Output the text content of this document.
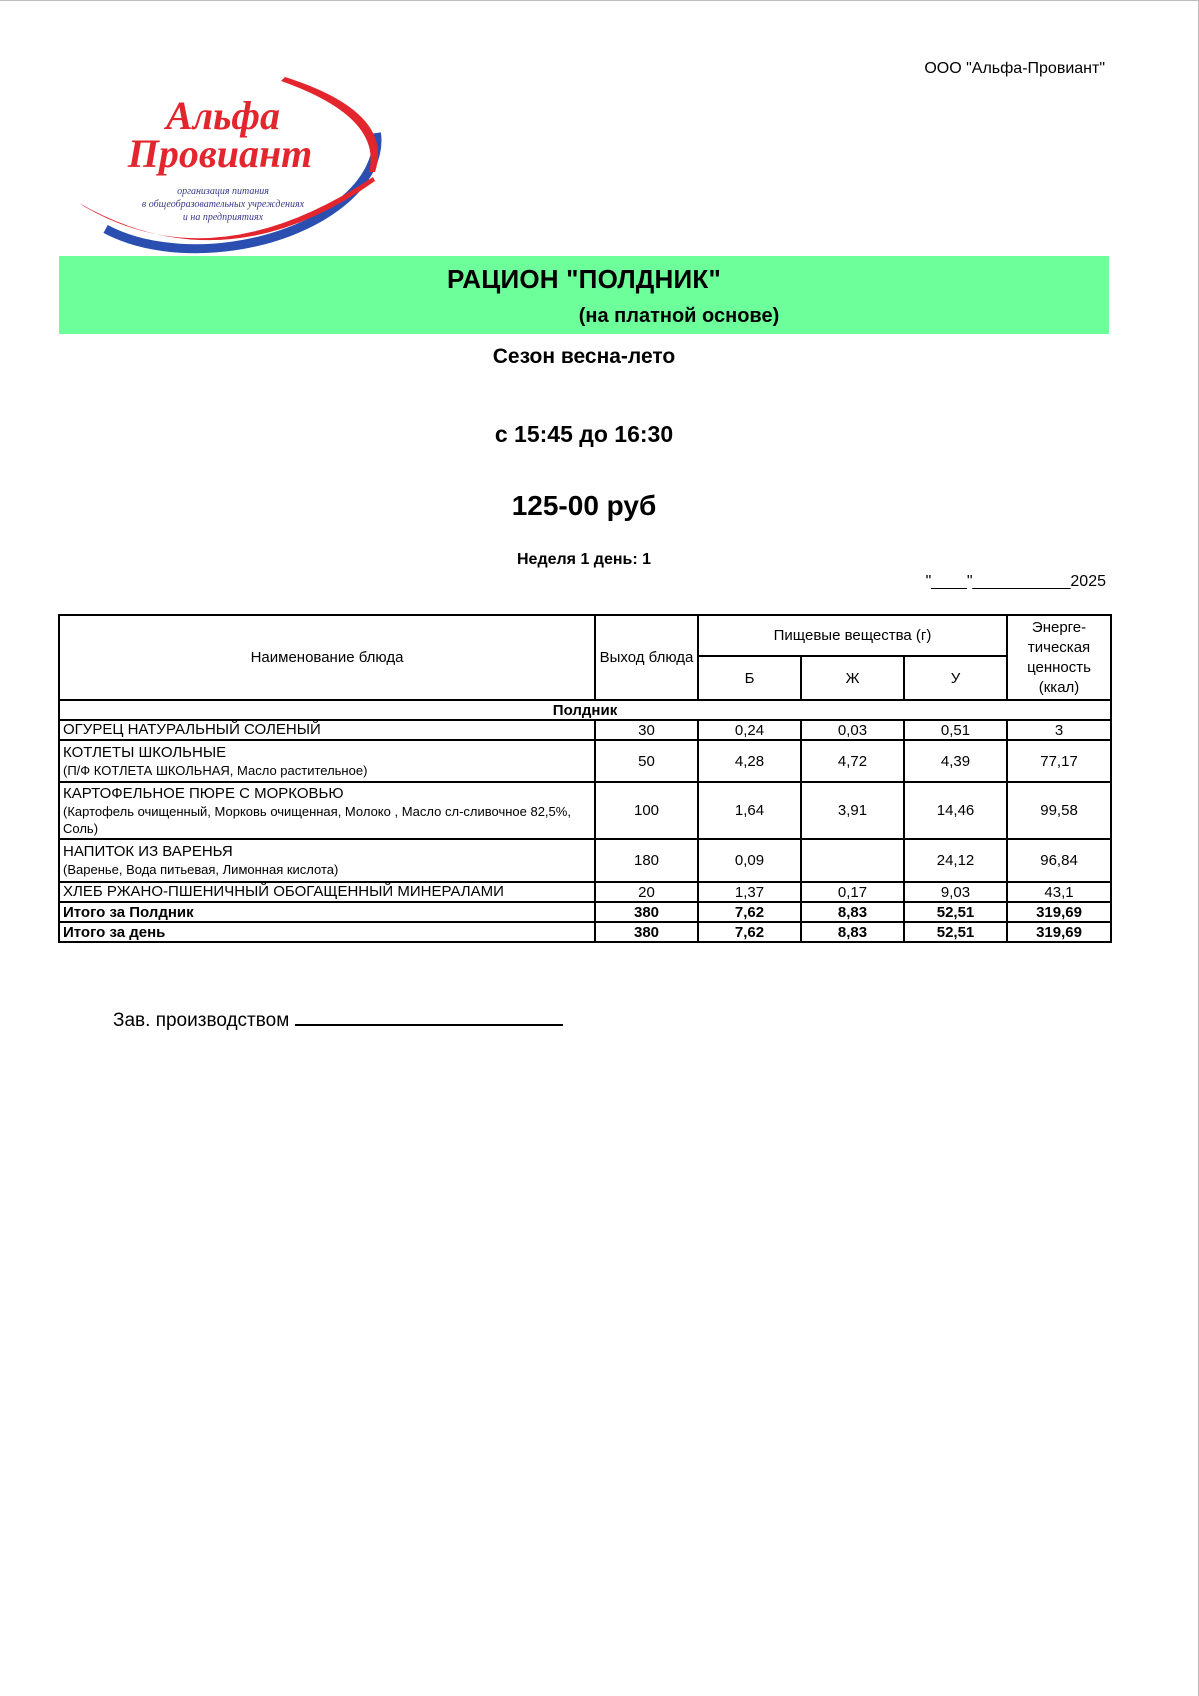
ООО "Альфа-Провиант"
Альфа
Провиант
организация питания
в общеобразовательных учреждениях
и на предприятиях
РАЦИОН "ПОЛДНИК"
(на платной основе)
Сезон весна-лето
с 15:45 до 16:30
125-00 руб
Неделя 1 день: 1
"____"___________2025
Наименование блюда	Выход блюда	Пищевые вещества (г)			Энерге-тическая ценность (ккал)
		Б	Ж	У	
Полдник					

ОГУРЕЦ НАТУРАЛЬНЫЙ СОЛЕНЫЙ	30	0,24	0,03	0,51	3

КОТЛЕТЫ ШКОЛЬНЫЕ
(П/Ф КОТЛЕТА ШКОЛЬНАЯ, Масло растительное)	50	4,28	4,72	4,39	77,17

КАРТОФЕЛЬНОЕ ПЮРЕ С МОРКОВЬЮ
(Картофель очищенный, Морковь очищенная, Молоко , Масло сл-сливочное 82,5%, Соль)	100	1,64	3,91	14,46	99,58

НАПИТОК ИЗ ВАРЕНЬЯ
(Варенье, Вода питьевая, Лимонная кислота)	180	0,09		24,12	96,84

ХЛЕБ РЖАНО-ПШЕНИЧНЫЙ ОБОГАЩЕННЫЙ МИНЕРАЛАМИ	20	1,37	0,17	9,03	43,1
Итого за Полдник	380	7,62	8,83	52,51	319,69
Итого за день	380	7,62	8,83	52,51	319,69
Зав. производством
